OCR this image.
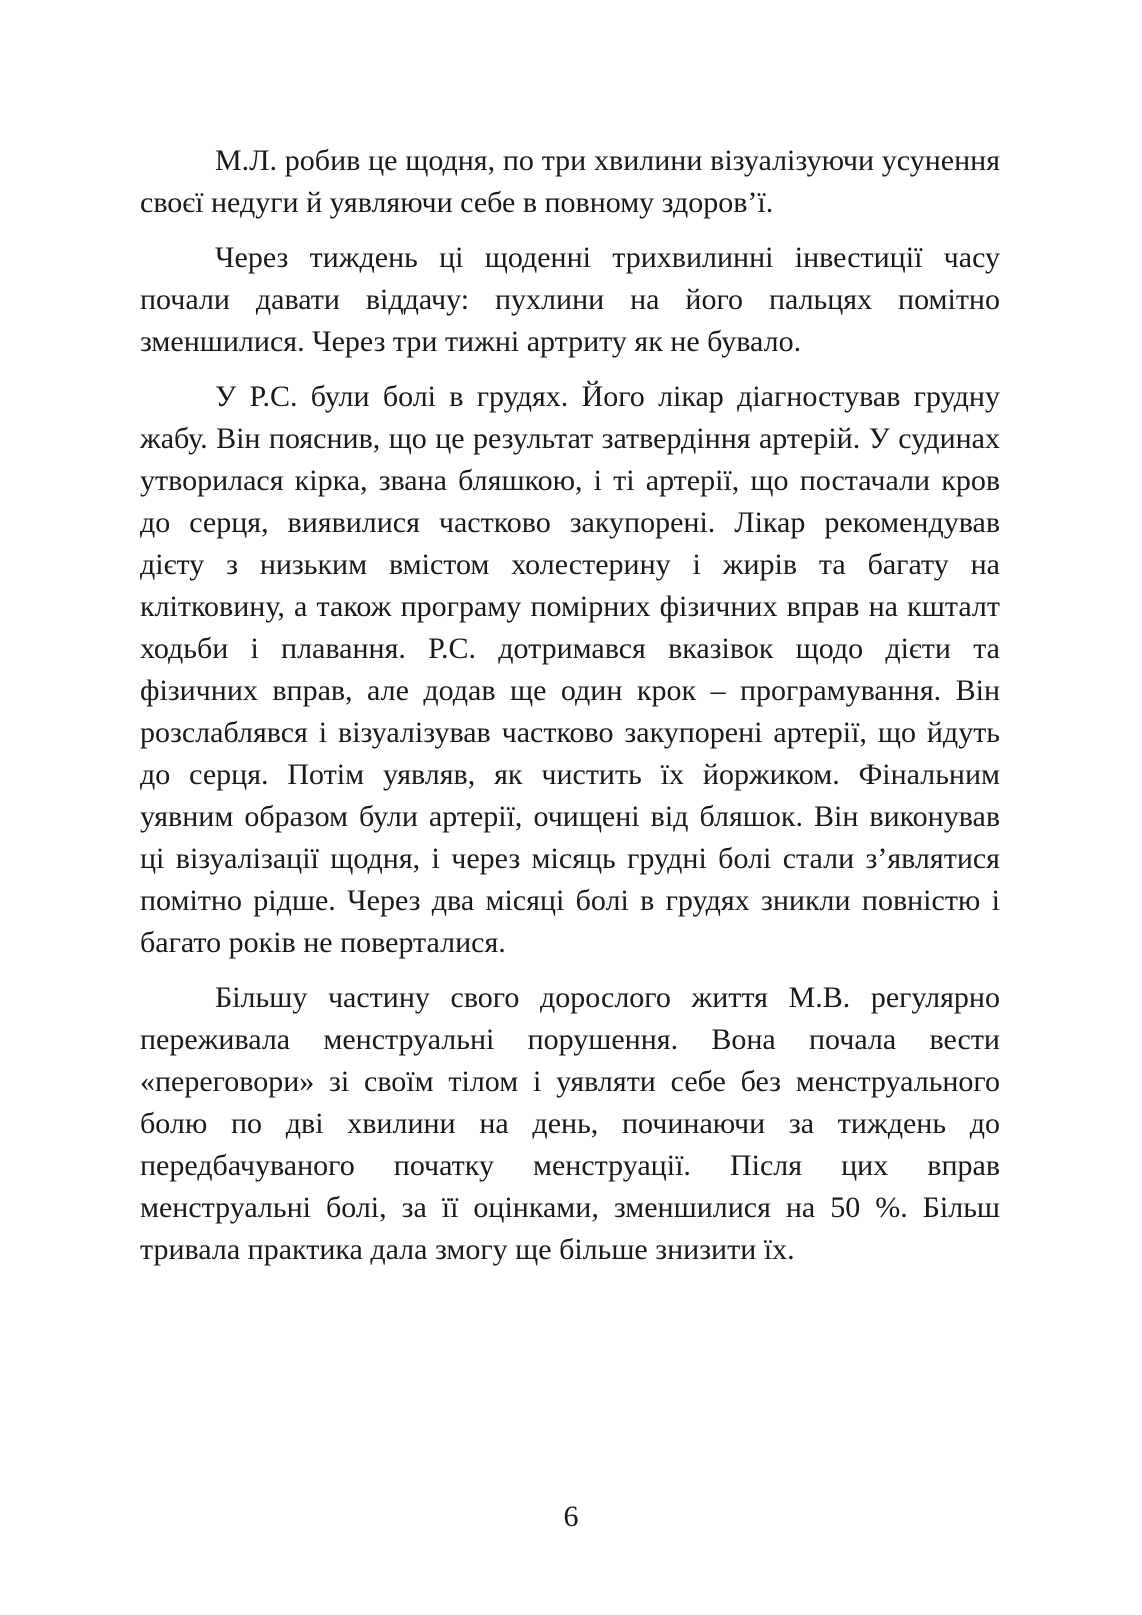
М.Л. робив це щодня, по три хвилини візуалізуючи усунення своєї недуги й уявляючи себе в повному здоров’ї.

Через тиждень ці щоденні трихвилинні інвестиції часу почали давати віддачу: пухлини на його пальцях помітно зменшилися. Через три тижні артриту як не бувало.

У Р.С. були болі в грудях. Його лікар діагностував грудну жабу. Він пояснив, що це результат затвердіння артерій. У судинах утворилася кірка, звана бляшкою, і ті артерії, що постачали кров до серця, виявилися частково закупорені. Лікар рекомендував дієту з низьким вмістом холестерину і жирів та багату на клітковину, а також програму помірних фізичних вправ на кшталт ходьби і плавання. Р.С. дотримався вказівок щодо дієти та фізичних вправ, але додав ще один крок – програмування. Він розслаблявся і візуалізував частково закупорені артерії, що йдуть до серця. Потім уявляв, як чистить їх йоржиком. Фінальним уявним образом були артерії, очищені від бляшок. Він виконував ці візуалізації щодня, і через місяць грудні болі стали з’являтися помітно рідше. Через два місяці болі в грудях зникли повністю і багато років не поверталися.

Більшу частину свого дорослого життя М.В. регулярно переживала менструальні порушення. Вона почала вести «переговори» зі своїм тілом і уявляти себе без менструального болю по дві хвилини на день, починаючи за тиждень до передбачуваного початку менструації. Після цих вправ менструальні болі, за її оцінками, зменшилися на 50 %. Більш тривала практика дала змогу ще більше знизити їх.

6
